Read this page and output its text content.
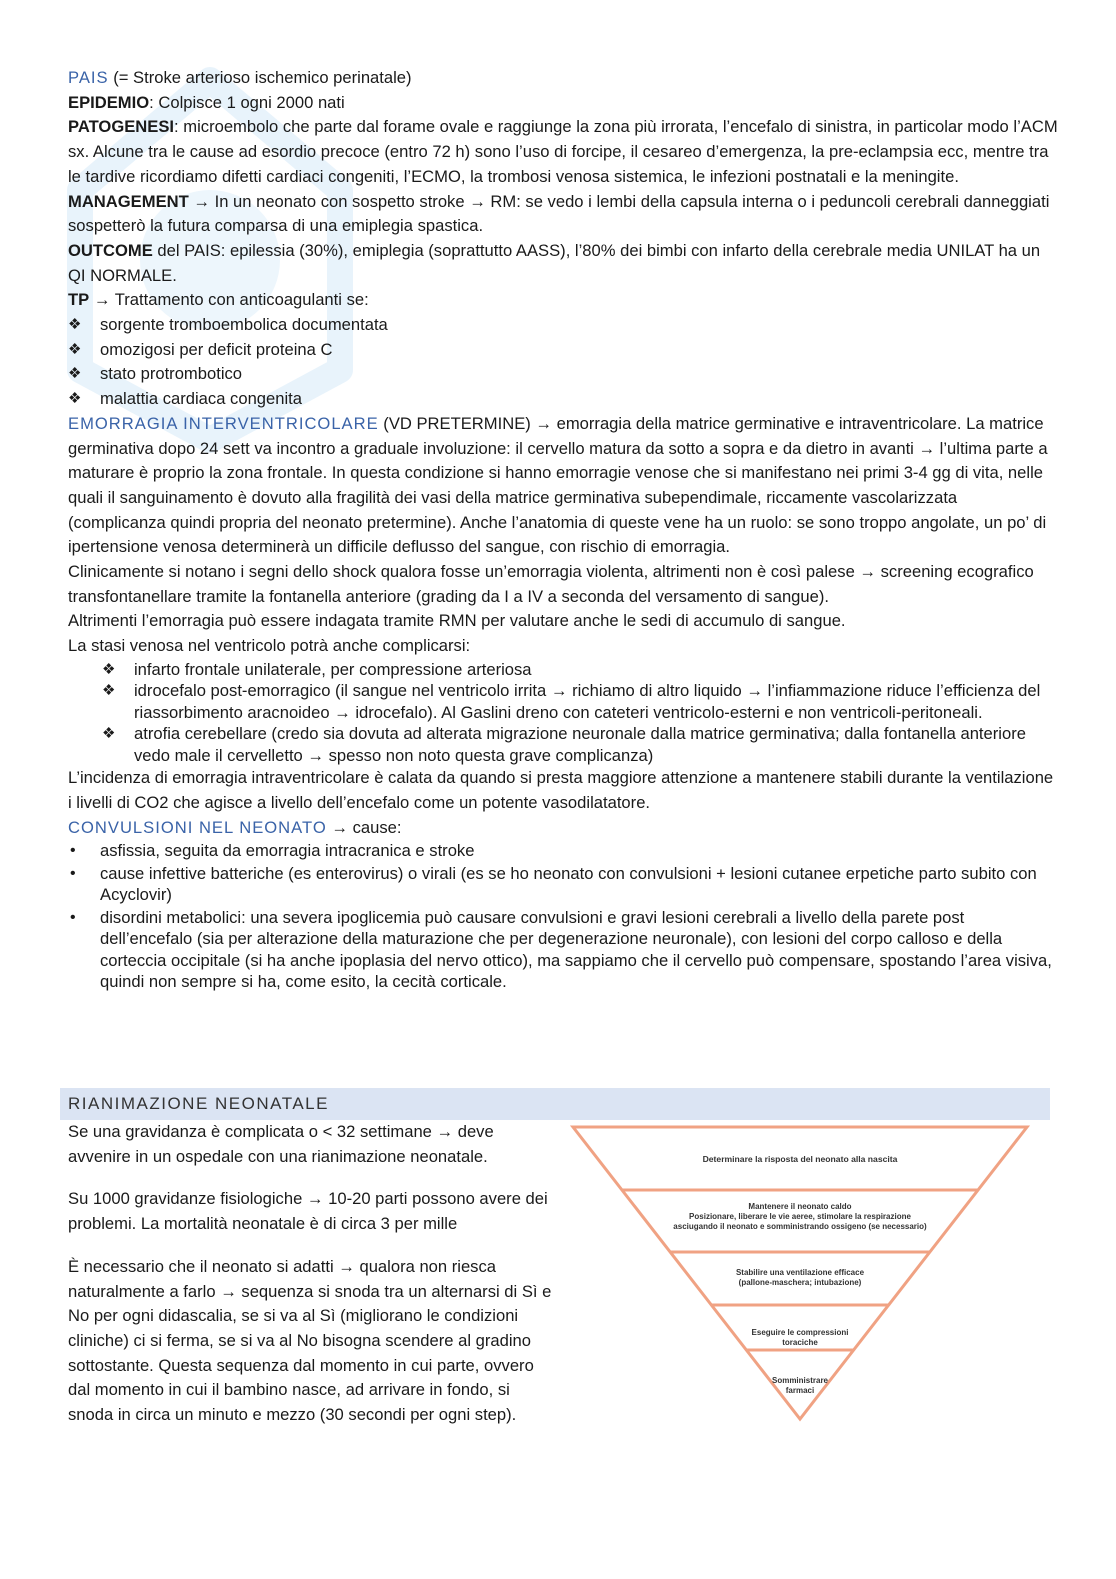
PAIS (= Stroke arterioso ischemico perinatale)

EPIDEMIO: Colpisce 1 ogni 2000 nati

PATOGENESI: microembolo che parte dal forame ovale e raggiunge la zona più irrorata, l’encefalo di sinistra, in particolar modo l’ACM sx. Alcune tra le cause ad esordio precoce (entro 72 h) sono l’uso di forcipe, il cesareo d’emergenza, la pre-eclampsia ecc, mentre tra le tardive ricordiamo difetti cardiaci congeniti, l’ECMO, la trombosi venosa sistemica, le infezioni postnatali e la meningite.

MANAGEMENT → In un neonato con sospetto stroke → RM: se vedo i lembi della capsula interna o i peduncoli cerebrali danneggiati sospetterò la futura comparsa di una emiplegia spastica.

OUTCOME del PAIS: epilessia (30%), emiplegia (soprattutto AASS), l’80% dei bimbi con infarto della cerebrale media UNILAT ha un QI NORMALE.

TP → Trattamento con anticoagulanti se:

❖ sorgente tromboembolica documentata
❖ omozigosi per deficit proteina C
❖ stato protrombotico
❖ malattia cardiaca congenita

EMORRAGIA INTERVENTRICOLARE (VD PRETERMINE) → emorragia della matrice germinative e intraventricolare. La matrice germinativa dopo 24 sett va incontro a graduale involuzione: il cervello matura da sotto a sopra e da dietro in avanti → l’ultima parte a maturare è proprio la zona frontale. In questa condizione si hanno emorragie venose che si manifestano nei primi 3-4 gg di vita, nelle quali il sanguinamento è dovuto alla fragilità dei vasi della matrice germinativa subependimale, riccamente vascolarizzata (complicanza quindi propria del neonato pretermine). Anche l’anatomia di queste vene ha un ruolo: se sono troppo angolate, un po’ di ipertensione venosa determinerà un difficile deflusso del sangue, con rischio di emorragia.

Clinicamente si notano i segni dello shock qualora fosse un’emorragia violenta, altrimenti non è così palese → screening ecografico transfontanellare tramite la fontanella anteriore (grading da I a IV a seconda del versamento di sangue).

Altrimenti l’emorragia può essere indagata tramite RMN per valutare anche le sedi di accumulo di sangue.

La stasi venosa nel ventricolo potrà anche complicarsi:

❖ infarto frontale unilaterale, per compressione arteriosa
❖ idrocefalo post-emorragico (il sangue nel ventricolo irrita → richiamo di altro liquido → l’infiammazione riduce l’efficienza del riassorbimento aracnoideo → idrocefalo). Al Gaslini dreno con cateteri ventricolo-esterni e non ventricoli-peritoneali.
❖ atrofia cerebellare (credo sia dovuta ad alterata migrazione neuronale dalla matrice germinativa; dalla fontanella anteriore vedo male il cervelletto → spesso non noto questa grave complicanza)

L’incidenza di emorragia intraventricolare è calata da quando si presta maggiore attenzione a mantenere stabili durante la ventilazione i livelli di CO2 che agisce a livello dell’encefalo come un potente vasodilatatore.

CONVULSIONI NEL NEONATO → cause:

• asfissia, seguita da emorragia intracranica e stroke
• cause infettive batteriche (es enterovirus) o virali (es se ho neonato con convulsioni + lesioni cutanee erpetiche parto subito con Acyclovir)
• disordini metabolici: una severa ipoglicemia può causare convulsioni e gravi lesioni cerebrali a livello della parete post dell’encefalo (sia per alterazione della maturazione che per degenerazione neuronale), con lesioni del corpo calloso e della corteccia occipitale (si ha anche ipoplasia del nervo ottico), ma sappiamo che il cervello può compensare, spostando l’area visiva, quindi non sempre si ha, come esito, la cecità corticale.
RIANIMAZIONE NEONATALE

Se una gravidanza è complicata o < 32 settimane → deve avvenire in un ospedale con una rianimazione neonatale.

Su 1000 gravidanze fisiologiche → 10-20 parti possono avere dei problemi. La mortalità neonatale è di circa 3 per mille

È necessario che il neonato si adatti → qualora non riesca naturalmente a farlo → sequenza si snoda tra un alternarsi di Sì e No per ogni didascalia, se si va al Sì (migliorano le condizioni cliniche) ci si ferma, se si va al No bisogna scendere al gradino sottostante. Questa sequenza dal momento in cui parte, ovvero dal momento in cui il bambino nasce, ad arrivare in fondo, si snoda in circa un minuto e mezzo (30 secondi per ogni step).

Determinare la risposta del neonato alla nascita
Mantenere il neonato caldo
Posizionare, liberare le vie aeree, stimolare la respirazione
asciugando il neonato e somministrando ossigeno (se necessario)
Stabilire una ventilazione efficace
(pallone-maschera; intubazione)
Eseguire le compressioni
toraciche
Somministrare
farmaci
